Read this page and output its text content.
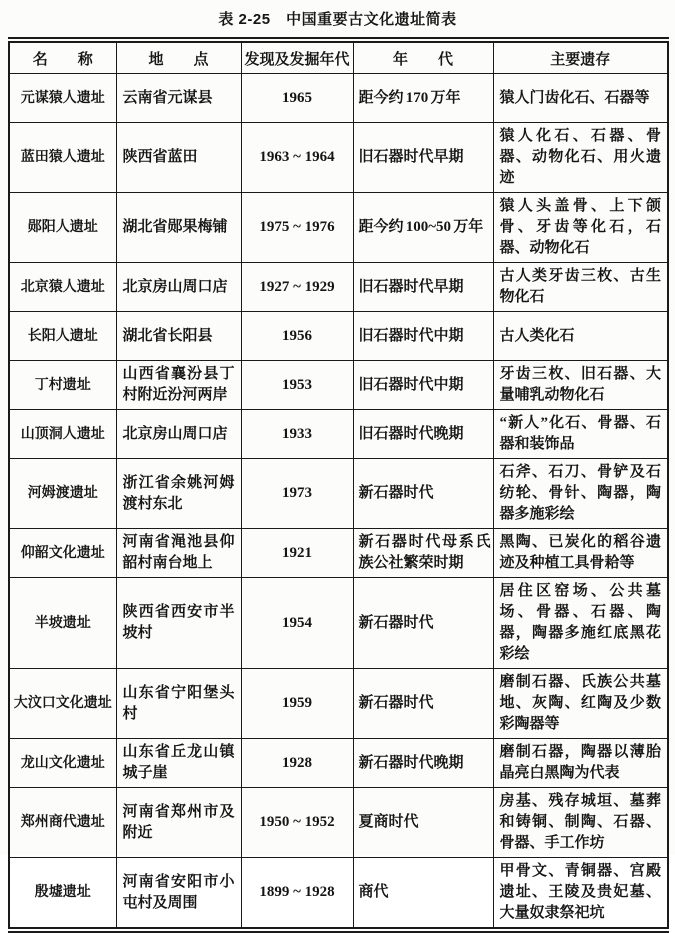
表 2-25　中国重要古文化遗址简表
名　　称	地　　点	发现及发掘年代	年　　代	主要遗存
元谋猿人遗址	云南省元谋县	1965	距今约 170 万年	猿人门齿化石、石器等
蓝田猿人遗址	陕西省蓝田	1963 ~ 1964	旧石器时代早期	猿人化石、石器、骨器、动物化石、用火遗迹
郧阳人遗址	湖北省郧果梅铺	1975 ~ 1976	距今约 100~50 万年	猿人头盖骨、上下颌骨、牙齿等化石，石器、动物化石
北京猿人遗址	北京房山周口店	1927 ~ 1929	旧石器时代早期	古人类牙齿三枚、古生物化石
长阳人遗址	湖北省长阳县	1956	旧石器时代中期	古人类化石
丁村遗址	山西省襄汾县丁村附近汾河两岸	1953	旧石器时代中期	牙齿三枚、旧石器、大量哺乳动物化石
山顶洞人遗址	北京房山周口店	1933	旧石器时代晚期	“新人”化石、骨器、石器和装饰品
河姆渡遗址	浙江省余姚河姆渡村东北	1973	新石器时代	石斧、石刀、骨铲及石纺轮、骨针、陶器，陶器多施彩绘
仰韶文化遗址	河南省渑池县仰韶村南台地上	1921	新石器时代母系氏族公社繁荣时期	黑陶、已炭化的稻谷遗迹及种植工具骨耠等
半坡遗址	陕西省西安市半坡村	1954	新石器时代	居住区窑场、公共墓场、骨器、石器、陶器，陶器多施红底黑花彩绘
大汶口文化遗址	山东省宁阳堡头村	1959	新石器时代	磨制石器、氏族公共墓地、灰陶、红陶及少数彩陶器等
龙山文化遗址	山东省丘龙山镇城子崖	1928	新石器时代晚期	磨制石器，陶器以薄胎晶亮白黑陶为代表
郑州商代遗址	河南省郑州市及附近	1950 ~ 1952	夏商时代	房基、残存城垣、墓葬和铸铜、制陶、石器、骨器、手工作坊
殷墟遗址	河南省安阳市小屯村及周围	1899 ~ 1928	商代	甲骨文、青铜器、宫殿遗址、王陵及贵妃墓、大量奴隶祭祀坑
